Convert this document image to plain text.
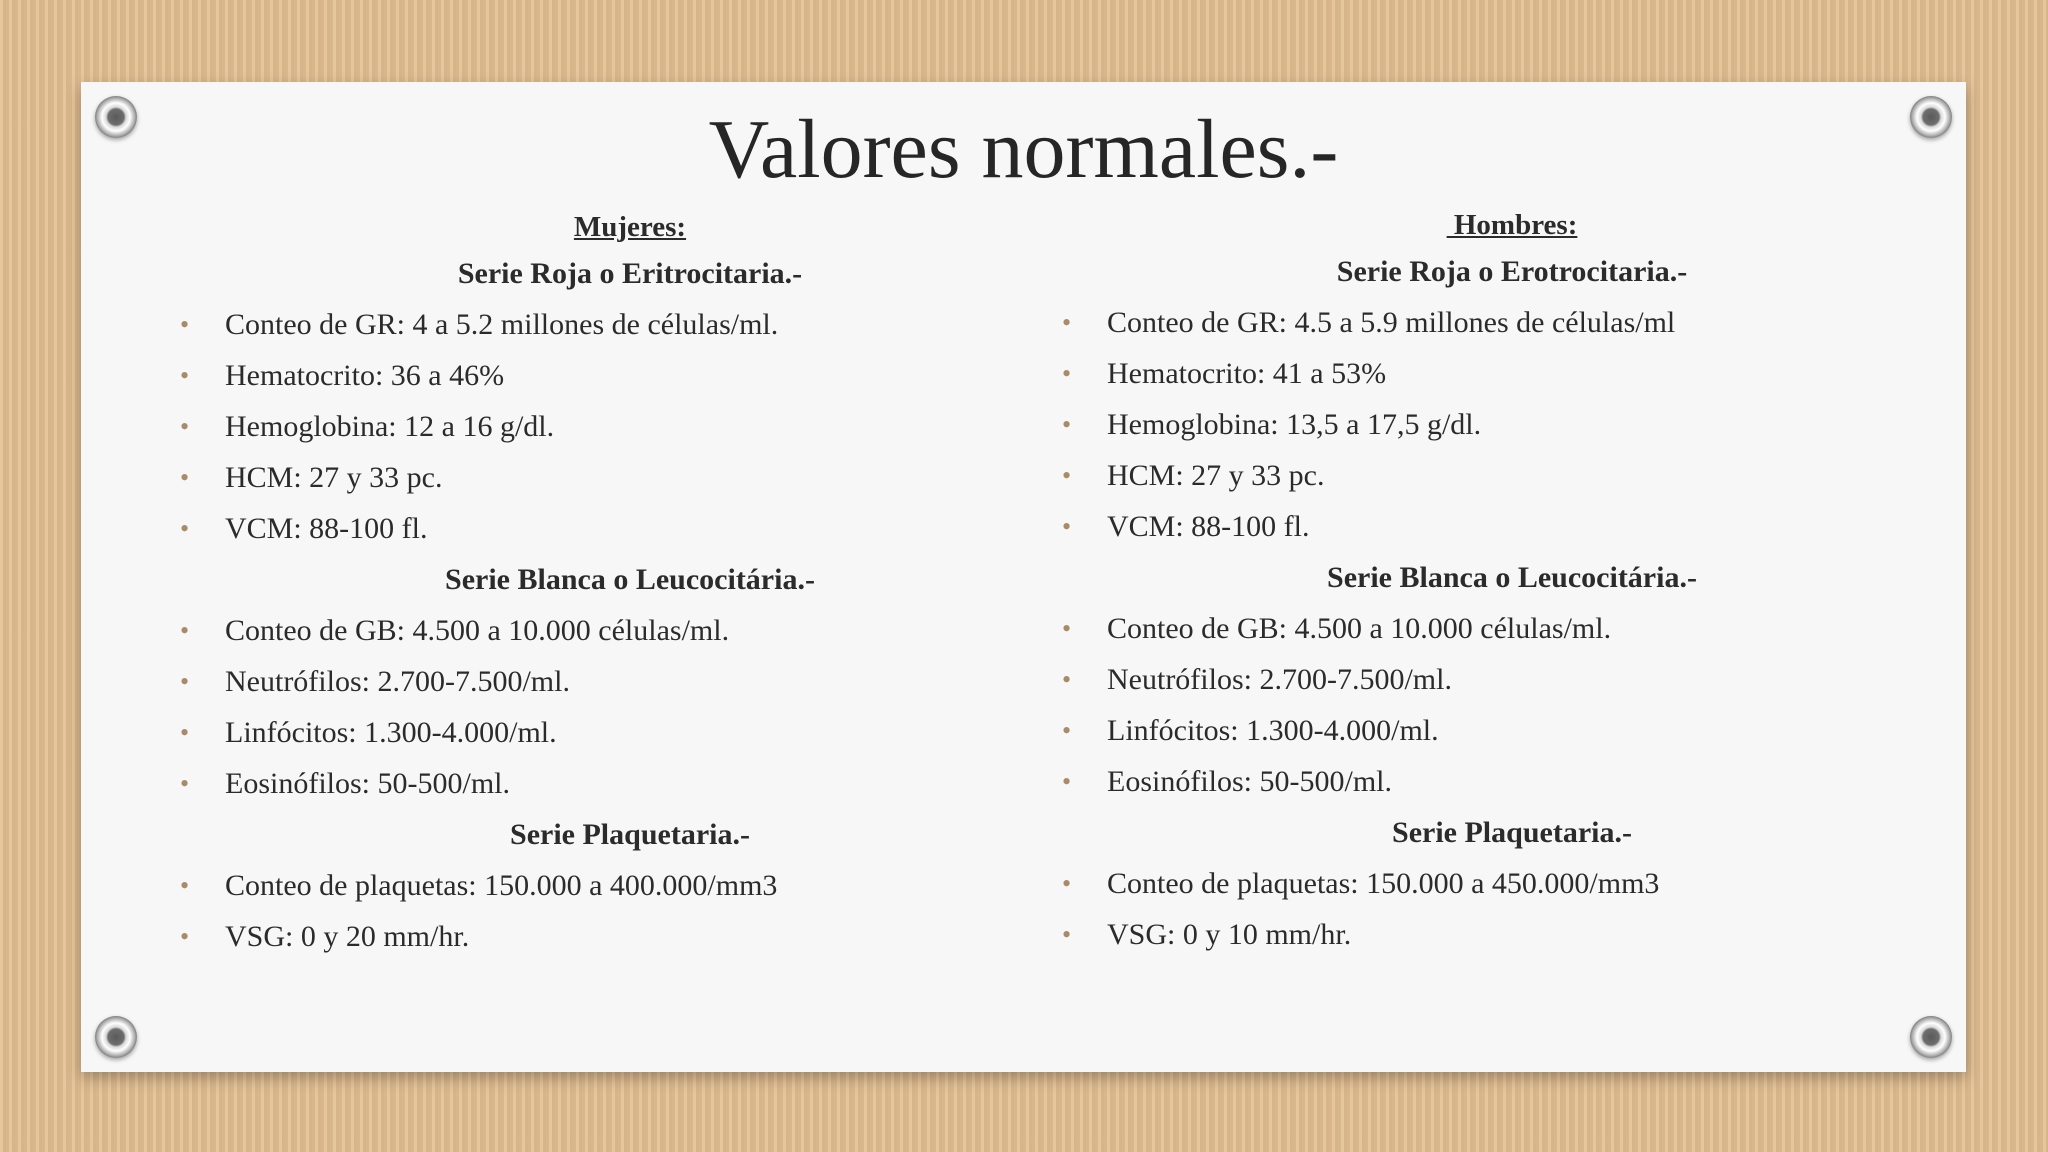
Valores normales.-
Mujeres:
Serie Roja o Eritrocitaria.-
• Conteo de GR: 4 a 5.2 millones de células/ml.
• Hematocrito: 36 a 46%
• Hemoglobina: 12 a 16 g/dl.
• HCM: 27 y 33 pc.
• VCM: 88-100 fl.
Serie Blanca o Leucocitária.-
• Conteo de GB: 4.500 a 10.000 células/ml.
• Neutrófilos: 2.700-7.500/ml.
• Linfócitos: 1.300-4.000/ml.
• Eosinófilos: 50-500/ml.
Serie Plaquetaria.-
• Conteo de plaquetas: 150.000 a 400.000/mm3
• VSG: 0 y 20 mm/hr.
Hombres:
Serie Roja o Erotrocitaria.-
• Conteo de GR: 4.5 a 5.9 millones de células/ml
• Hematocrito: 41 a 53%
• Hemoglobina: 13,5 a 17,5 g/dl.
• HCM: 27 y 33 pc.
• VCM: 88-100 fl.
Serie Blanca o Leucocitária.-
• Conteo de GB: 4.500 a 10.000 células/ml.
• Neutrófilos: 2.700-7.500/ml.
• Linfócitos: 1.300-4.000/ml.
• Eosinófilos: 50-500/ml.
Serie Plaquetaria.-
• Conteo de plaquetas: 150.000 a 450.000/mm3
• VSG: 0 y 10 mm/hr.
